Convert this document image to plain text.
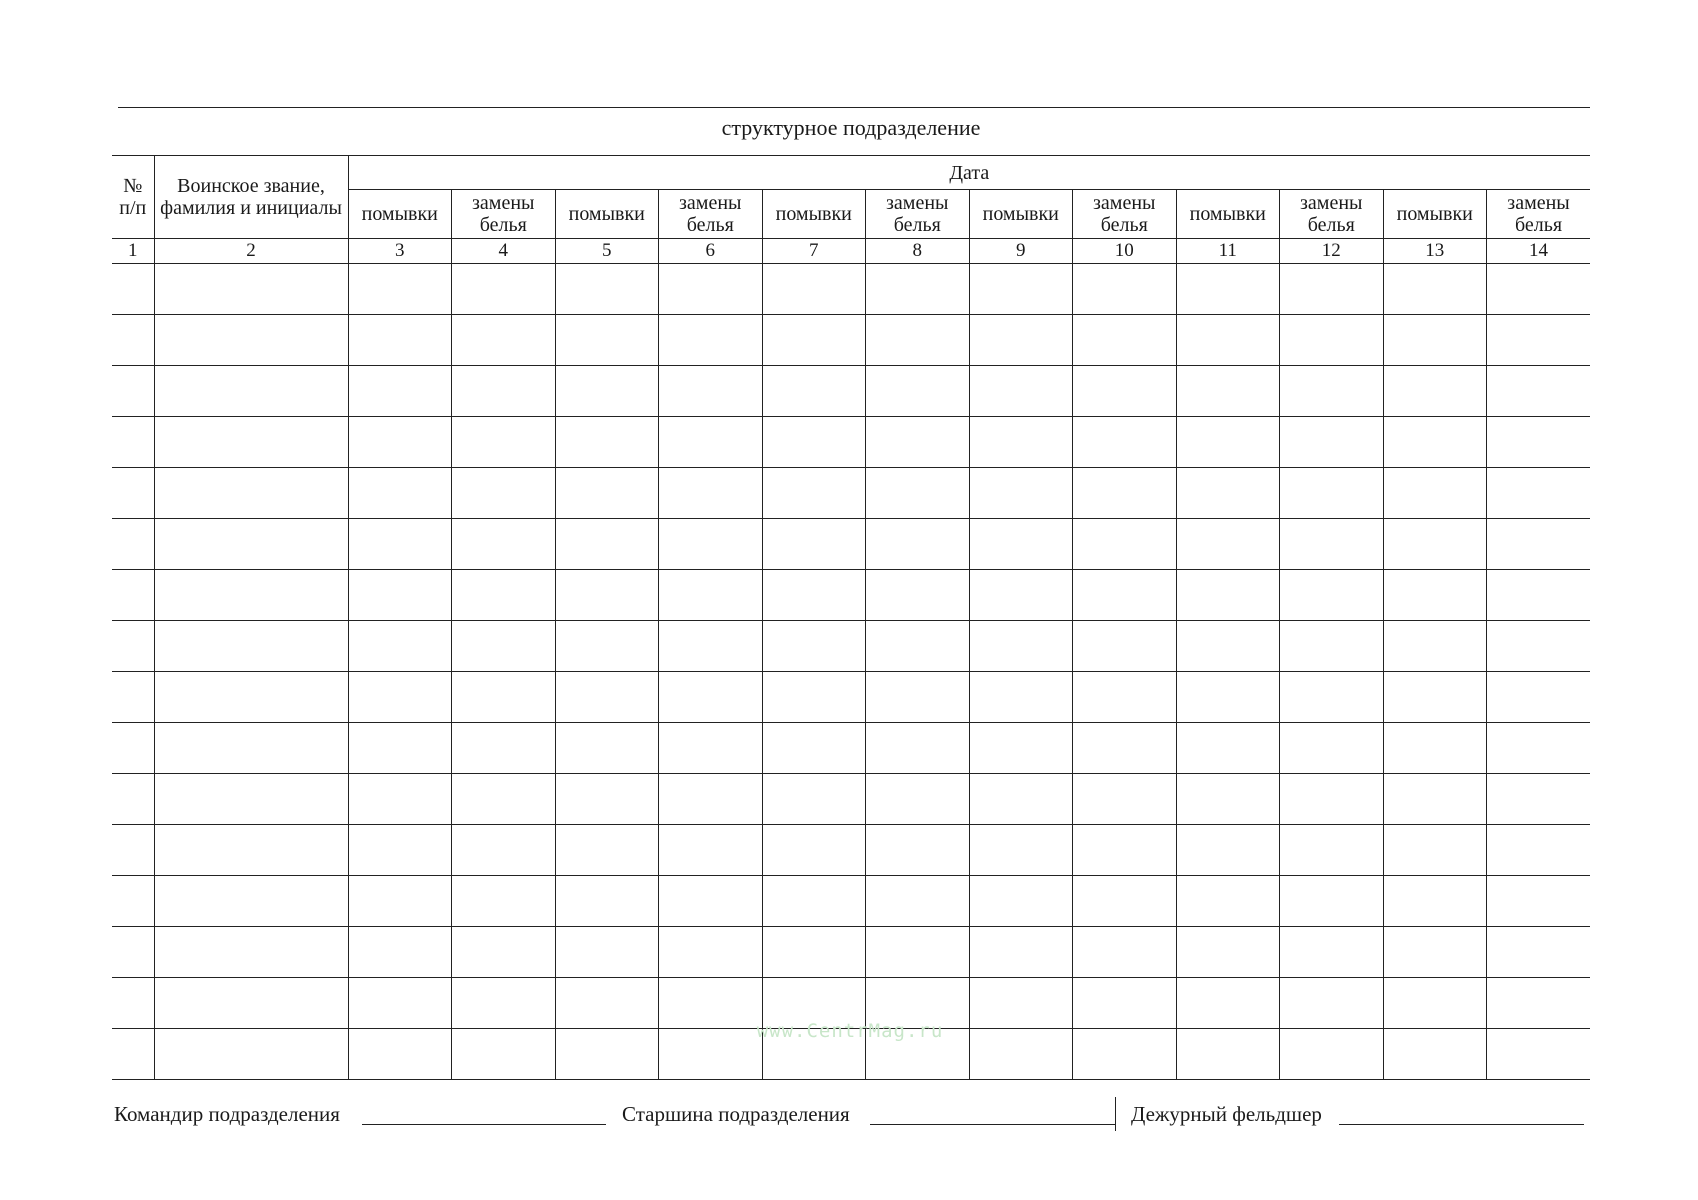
структурное подразделение
№
п/п	Воинское звание, фамилия и инициалы	Дата											
		помывки	замены белья	помывки	замены белья	помывки	замены белья	помывки	замены белья	помывки	замены белья	помывки	замены белья
1	2	3	4	5	6	7	8	9	10	11	12	13	14

www.CentrMag.ru
Командир подразделения	Старшина подразделения	Дежурный фельдшер
